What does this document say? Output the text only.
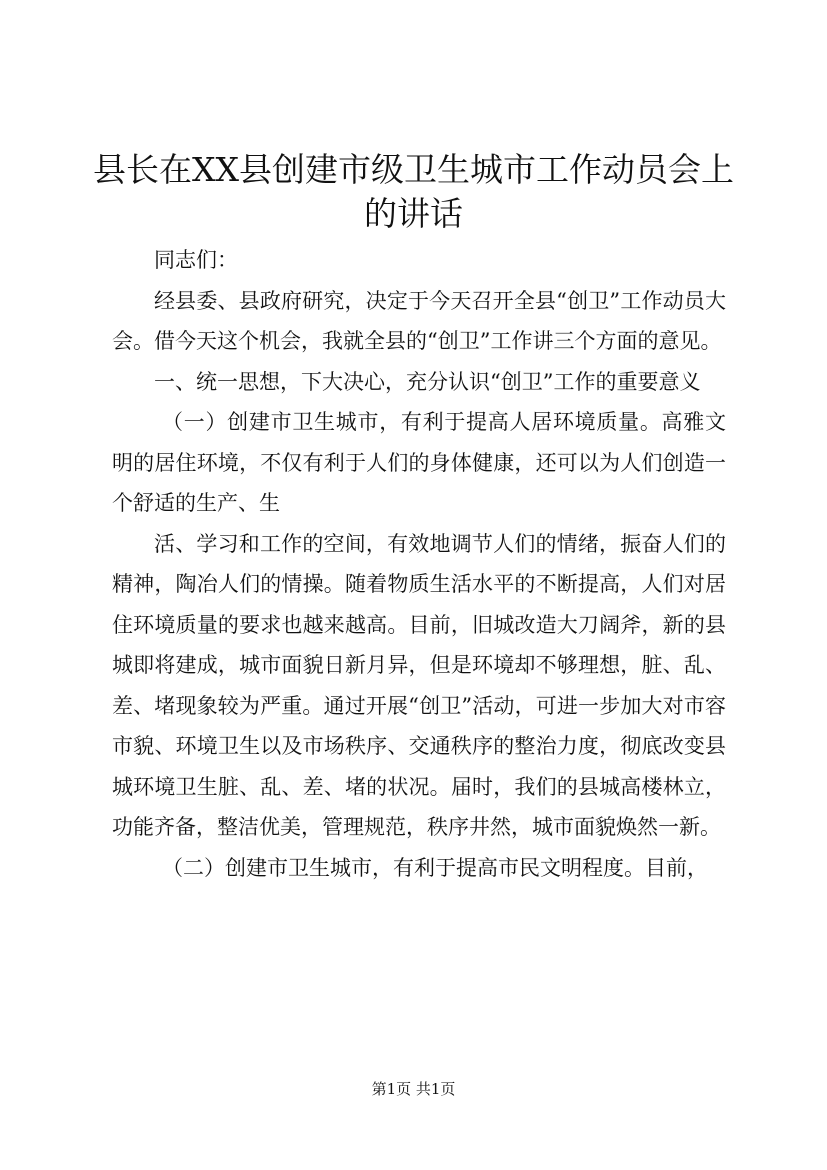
县长在XX县创建市级卫生城市工作动员会上
的讲话

同志们：

经县委、县政府研究，决定于今天召开全县“创卫”工作动员大会。借今天这个机会，我就全县的“创卫”工作讲三个方面的意见。

一、统一思想，下大决心，充分认识“创卫”工作的重要意义

（一）创建市卫生城市，有利于提高人居环境质量。高雅文明的居住环境，不仅有利于人们的身体健康，还可以为人们创造一个舒适的生产、生

活、学习和工作的空间，有效地调节人们的情绪，振奋人们的精神，陶冶人们的情操。随着物质生活水平的不断提高，人们对居住环境质量的要求也越来越高。目前，旧城改造大刀阔斧，新的县城即将建成，城市面貌日新月异，但是环境却不够理想，脏、乱、差、堵现象较为严重。通过开展“创卫”活动，可进一步加大对市容市貌、环境卫生以及市场秩序、交通秩序的整治力度，彻底改变县城环境卫生脏、乱、差、堵的状况。届时，我们的县城高楼林立，功能齐备，整洁优美，管理规范，秩序井然，城市面貌焕然一新。

（二）创建市卫生城市，有利于提高市民文明程度。目前，

第1页 共1页
